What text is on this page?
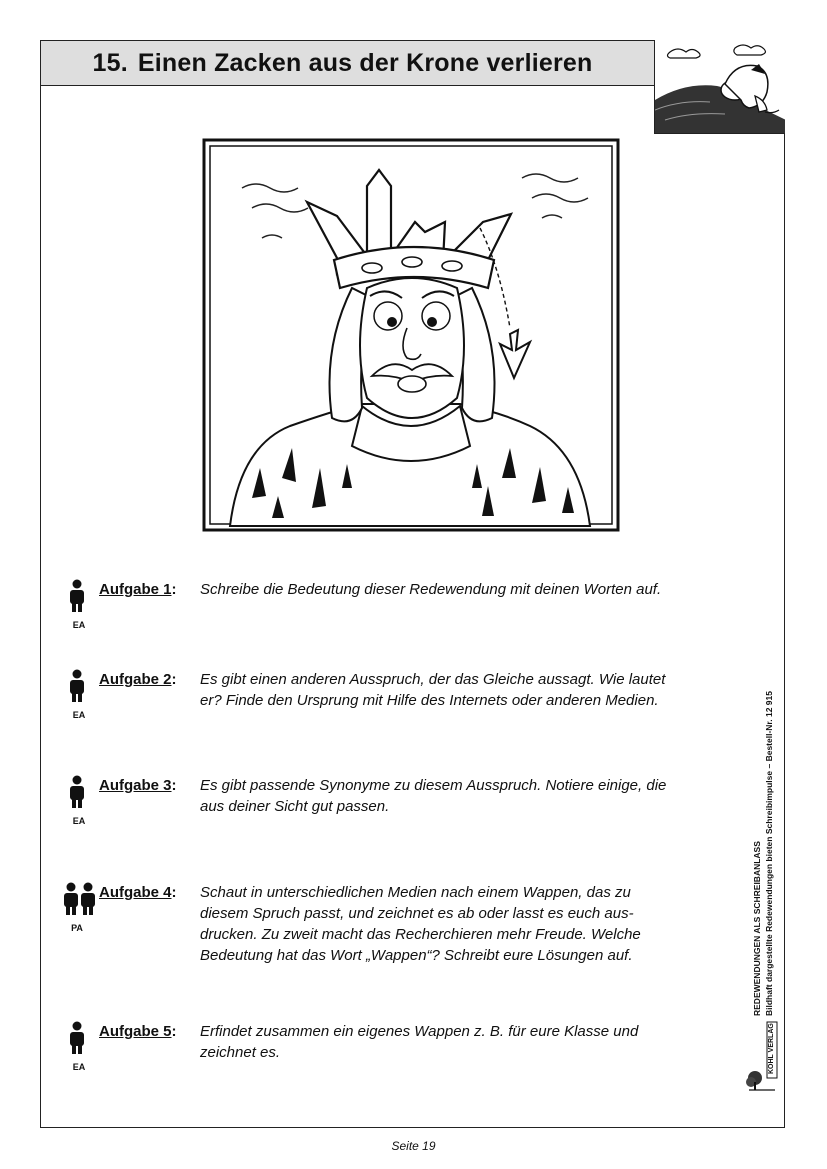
15. Einen Zacken aus der Krone verlieren
EA
Aufgabe 1: Schreibe die Bedeutung dieser Redewendung mit deinen Worten auf.
EA
Aufgabe 2: Es gibt einen anderen Ausspruch, der das Gleiche aussagt. Wie lautet
er? Finde den Ursprung mit Hilfe des Internets oder anderen Medien.
EA
Aufgabe 3: Es gibt passende Synonyme zu diesem Ausspruch. Notiere einige, die
aus deiner Sicht gut passen.
PA
Aufgabe 4: Schaut in unterschiedlichen Medien nach einem Wappen, das zu
diesem Spruch passt, und zeichnet es ab oder lasst es euch aus-
drucken. Zu zweit macht das Recherchieren mehr Freude. Welche
Bedeutung hat das Wort „Wappen“? Schreibt eure Lösungen auf.
EA
Aufgabe 5: Erfindet zusammen ein eigenes Wappen z. B. für eure Klasse und
zeichnet es.
REDEWENDUNGEN ALS SCHREIBANLASS Bildhaft dargestellte Redewendungen bieten Schreibimpulse – Bestell-Nr. 12 915
KOHL VERLAG
Seite 19
